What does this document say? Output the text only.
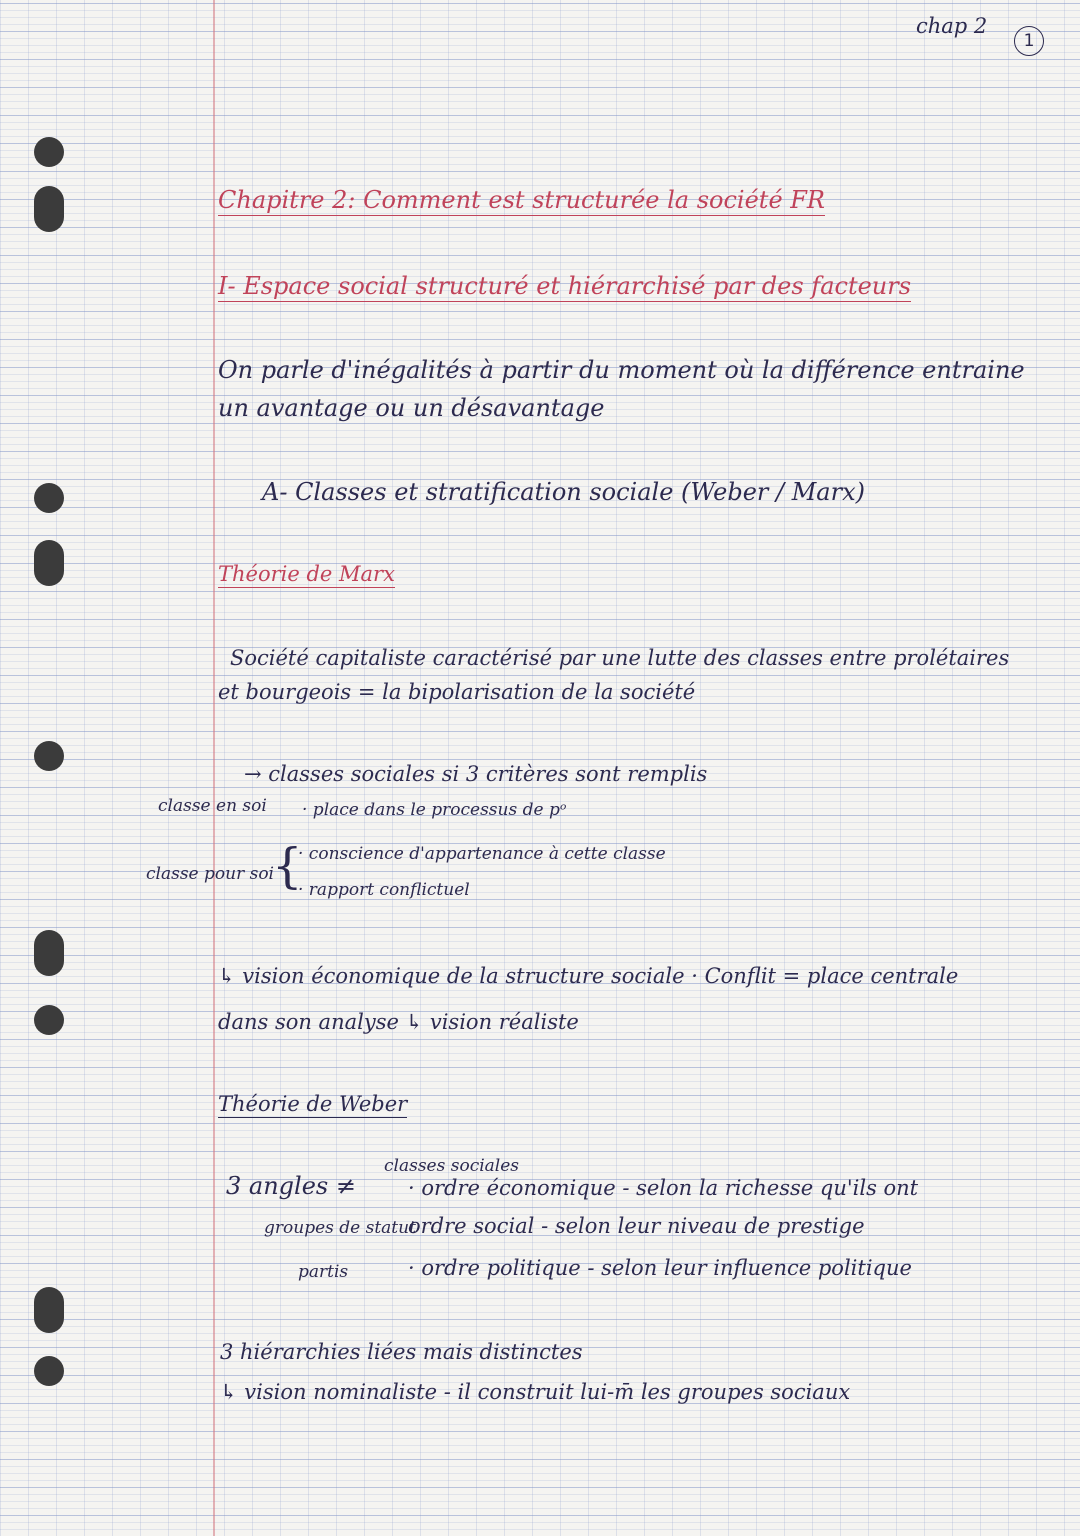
chap 2
1
Chapitre 2: Comment est structurée la société FR
I- Espace social structuré et hiérarchisé par des facteurs
On parle d'inégalités à partir du moment où la différence entraine
un avantage ou un désavantage
A- Classes et stratification sociale (Weber / Marx)
Théorie de Marx
Société capitaliste caractérisé par une lutte des classes entre prolétaires
et bourgeois = la bipolarisation de la société
→ classes sociales si 3 critères sont remplis
classe en soi · place dans le processus de pᵒ
classe pour soi
{
· conscience d'appartenance à cette classe
· rapport conflictuel
↳ vision économique de la structure sociale · Conflit = place centrale
dans son analyse ↳ vision réaliste
Théorie de Weber
classes sociales
3 angles ≠ · ordre économique - selon la richesse qu'ils ont
groupes de statut
ordre social - selon leur niveau de prestige
partis	· ordre politique - selon leur influence politique
3 hiérarchies liées mais distinctes
↳ vision nominaliste - il construit lui-m̄ les groupes sociaux
